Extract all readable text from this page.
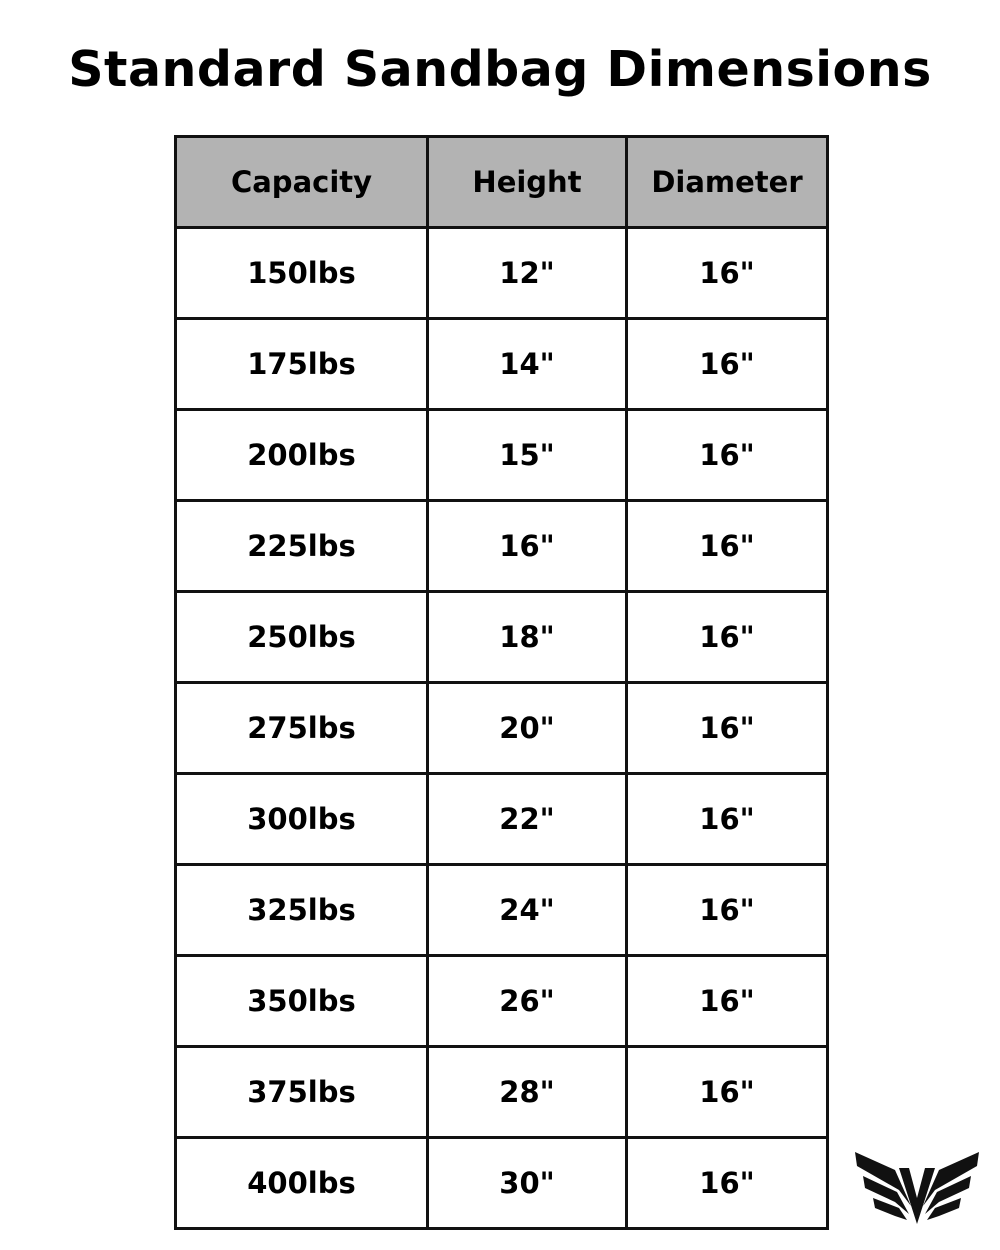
Standard Sandbag Dimensions
Capacity	Height	Diameter
150lbs	12"	16"
175lbs	14"	16"
200lbs	15"	16"
225lbs	16"	16"
250lbs	18"	16"
275lbs	20"	16"
300lbs	22"	16"
325lbs	24"	16"
350lbs	26"	16"
375lbs	28"	16"
400lbs	30"	16"
